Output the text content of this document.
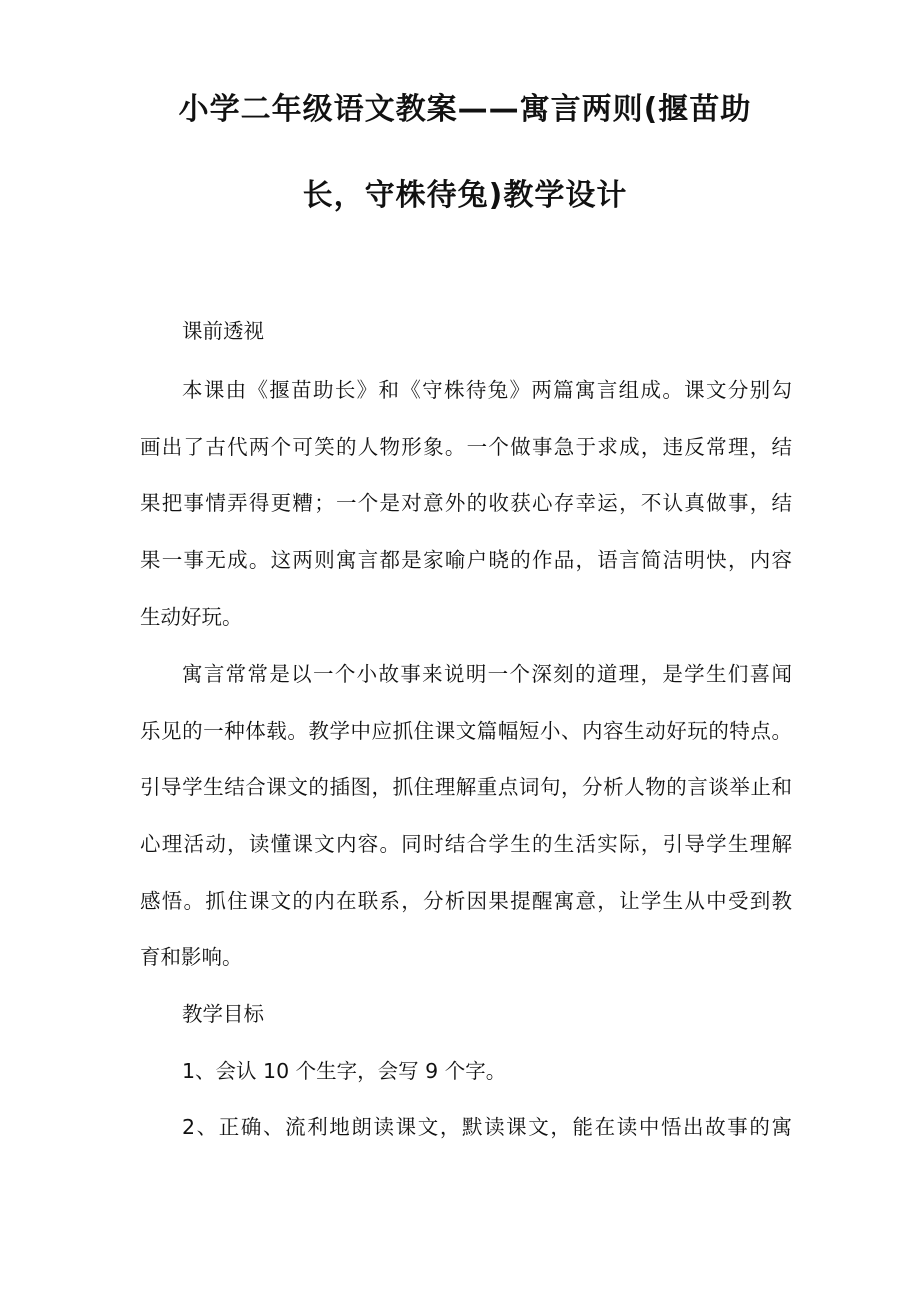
小学二年级语文教案——寓言两则(揠苗助
长，守株待兔)教学设计

课前透视

本课由《揠苗助长》和《守株待兔》两篇寓言组成。课文分别勾

画出了古代两个可笑的人物形象。一个做事急于求成，违反常理，结

果把事情弄得更糟；一个是对意外的收获心存幸运，不认真做事，结

果一事无成。这两则寓言都是家喻户晓的作品，语言简洁明快，内容

生动好玩。

寓言常常是以一个小故事来说明一个深刻的道理，是学生们喜闻

乐见的一种体载。教学中应抓住课文篇幅短小、内容生动好玩的特点。

引导学生结合课文的插图，抓住理解重点词句，分析人物的言谈举止和

心理活动，读懂课文内容。同时结合学生的生活实际，引导学生理解

感悟。抓住课文的内在联系，分析因果提醒寓意，让学生从中受到教

育和影响。

教学目标

1、会认 10 个生字，会写 9 个字。

2、正确、流利地朗读课文，默读课文，能在读中悟出故事的寓
